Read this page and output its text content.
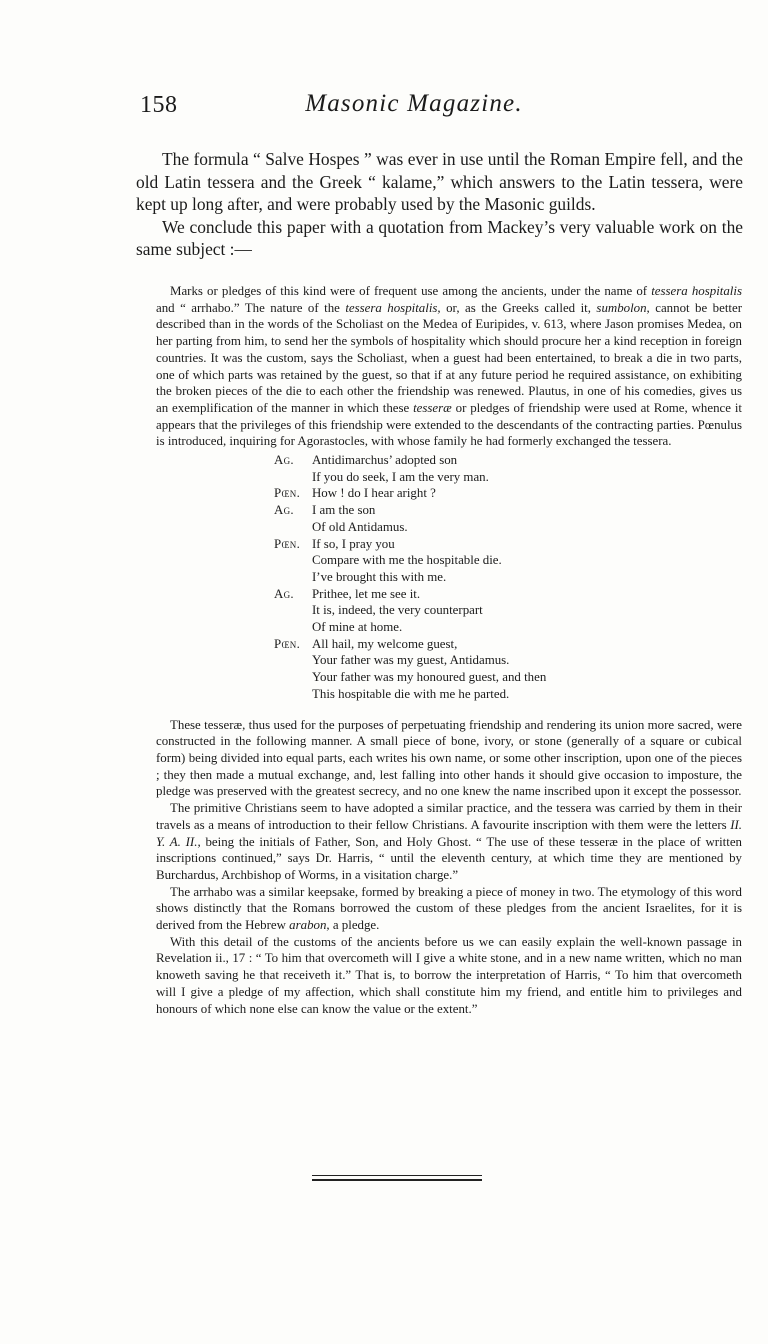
158	Masonic Magazine.

The formula “ Salve Hospes ” was ever in use until the Roman Empire fell, and the old Latin tessera and the Greek “ kalame,” which answers to the Latin tessera, were kept up long after, and were probably used by the Masonic guilds.

We conclude this paper with a quotation from Mackey’s very valuable work on the same subject :—

Marks or pledges of this kind were of frequent use among the ancients, under the name of tessera hospitalis and “ arrhabo.” The nature of the tessera hospitalis, or, as the Greeks called it, sumbolon, cannot be better described than in the words of the Scholiast on the Medea of Euripides, v. 613, where Jason promises Medea, on her parting from him, to send her the symbols of hospitality which should procure her a kind reception in foreign countries. It was the custom, says the Scholiast, when a guest had been entertained, to break a die in two parts, one of which parts was retained by the guest, so that if at any future period he required assistance, on exhibiting the broken pieces of the die to each other the friendship was renewed. Plautus, in one of his comedies, gives us an exemplification of the manner in which these tesseræ or pledges of friendship were used at Rome, whence it appears that the privileges of this friendship were extended to the descendants of the contracting parties. Pœnulus is introduced, inquiring for Agorastocles, with whose family he had formerly exchanged the tessera.

Ag.	Antidimarchus’ adopted son
If you do seek, I am the very man.
Pœn. How ! do I hear aright ?
Ag.	I am the son
Of old Antidamus.
Pœn. If so, I pray you
Compare with me the hospitable die.
I’ve brought this with me.
Ag.	Prithee, let me see it.
It is, indeed, the very counterpart
Of mine at home.
Pœn. All hail, my welcome guest,
Your father was my guest, Antidamus.
Your father was my honoured guest, and then
This hospitable die with me he parted.

These tesseræ, thus used for the purposes of perpetuating friendship and rendering its union more sacred, were constructed in the following manner. A small piece of bone, ivory, or stone (generally of a square or cubical form) being divided into equal parts, each writes his own name, or some other inscription, upon one of the pieces ; they then made a mutual exchange, and, lest falling into other hands it should give occasion to imposture, the pledge was preserved with the greatest secrecy, and no one knew the name inscribed upon it except the possessor.

The primitive Christians seem to have adopted a similar practice, and the tessera was carried by them in their travels as a means of introduction to their fellow Christians. A favourite inscription with them were the letters II. Y. A. II., being the initials of Father, Son, and Holy Ghost. “ The use of these tesseræ in the place of written inscriptions continued,” says Dr. Harris, “ until the eleventh century, at which time they are mentioned by Burchardus, Archbishop of Worms, in a visitation charge.”

The arrhabo was a similar keepsake, formed by breaking a piece of money in two. The etymology of this word shows distinctly that the Romans borrowed the custom of these pledges from the ancient Israelites, for it is derived from the Hebrew arabon, a pledge.

With this detail of the customs of the ancients before us we can easily explain the well-known passage in Revelation ii., 17 : “ To him that overcometh will I give a white stone, and in a new name written, which no man knoweth saving he that receiveth it.” That is, to borrow the interpretation of Harris, “ To him that overcometh will I give a pledge of my affection, which shall constitute him my friend, and entitle him to privileges and honours of which none else can know the value or the extent.”
